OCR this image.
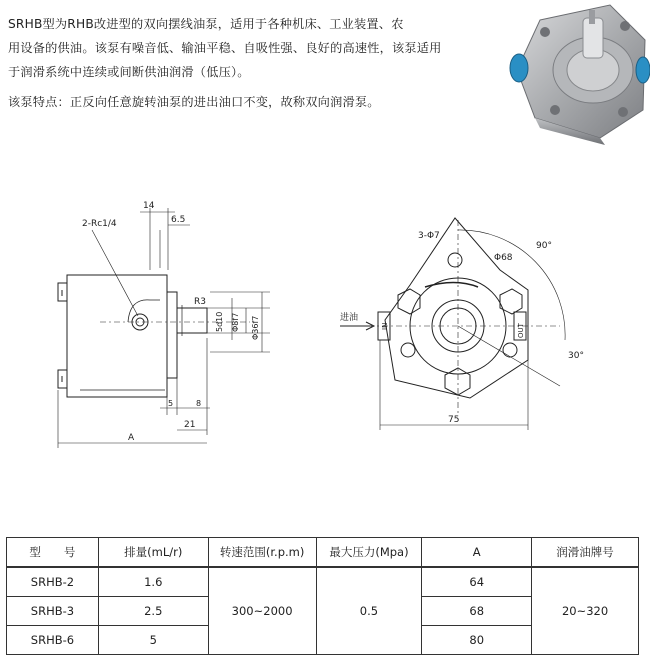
SRHB型为RHB改进型的双向摆线油泵，适用于各种机床、工业装置、农

用设备的供油。该泵有噪音低、输油平稳、自吸性强、良好的高速性，该泵适用

于润滑系统中连续或间断供油润滑（低压）。

该泵特点：正反向任意旋转油泵的进出油口不变，故称双向润滑泵。

14
6.5
2-Rc1/4
R3
5d10 Φ8f7 Φ36f7
5	8
21
A
3-Φ7
Φ68
90°
30°
进油
IN	OUT
75
型　　号	排量(mL/r)	转速范围(r.p.m)	最大压力(Mpa)	A	润滑油牌号
SRHB-2	1.6	300~2000	0.5	64	20~320
SRHB-3	2.5			68	
SRHB-6	5			80	
